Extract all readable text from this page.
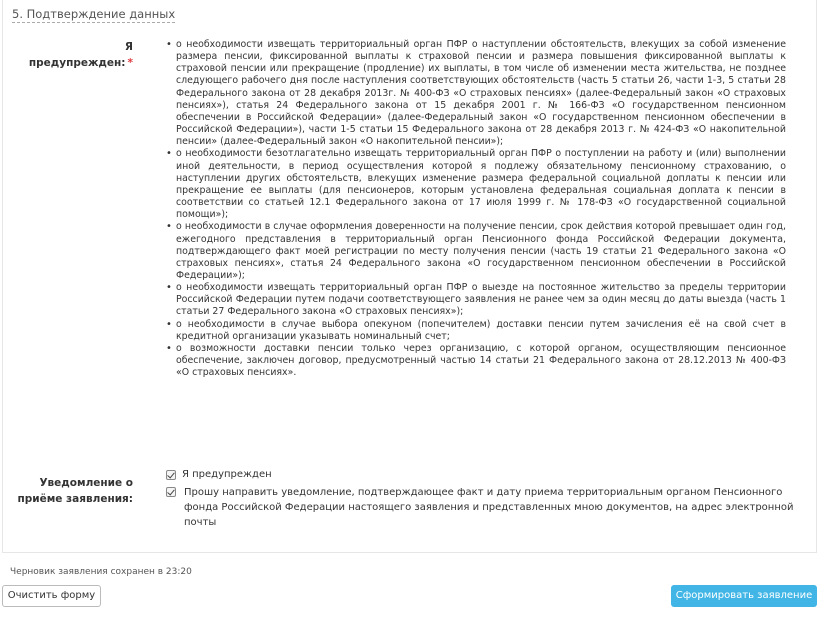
5. Подтверждение данных
Я предупрежден: *
• о необходимости извещать территориальный орган ПФР о наступлении обстоятельств, влекущих за собой изменение размера пенсии, фиксированной выплаты к страховой пенсии и размера повышения фиксированной выплаты к страховой пенсии или прекращение (продление) их выплаты, в том числе об изменении места жительства, не позднее следующего рабочего дня после наступления соответствующих обстоятельств (часть 5 статьи 26, части 1-3, 5 статьи 28 Федерального закона от 28 декабря 2013г. № 400-ФЗ «О страховых пенсиях» (далее-Федеральный закон «О страховых пенсиях»), статья 24 Федерального закона от 15 декабря 2001 г. № 166-ФЗ «О государственном пенсионном обеспечении в Российской Федерации» (далее-Федеральный закон «О государственном пенсионном обеспечении в Российской Федерации»), части 1-5 статьи 15 Федерального закона от 28 декабря 2013 г. № 424-ФЗ «О накопительной пенсии» (далее-Федеральный закон «О накопительной пенсии»);
• о необходимости безотлагательно извещать территориальный орган ПФР о поступлении на работу и (или) выполнении иной деятельности, в период осуществления которой я подлежу обязательному пенсионному страхованию, о наступлении других обстоятельств, влекущих изменение размера федеральной социальной доплаты к пенсии или прекращение ее выплаты (для пенсионеров, которым установлена федеральная социальная доплата к пенсии в соответствии со статьей 12.1 Федерального закона от 17 июля 1999 г. № 178-ФЗ «О государственной социальной помощи»);
• о необходимости в случае оформления доверенности на получение пенсии, срок действия которой превышает один год, ежегодного представления в территориальный орган Пенсионного фонда Российской Федерации документа, подтверждающего факт моей регистрации по месту получения пенсии (часть 19 статьи 21 Федерального закона «О страховых пенсиях», статья 24 Федерального закона «О государственном пенсионном обеспечении в Российской Федерации»);
• о необходимости извещать территориальный орган ПФР о выезде на постоянное жительство за пределы территории Российской Федерации путем подачи соответствующего заявления не ранее чем за один месяц до даты выезда (часть 1 статьи 27 Федерального закона «О страховых пенсиях»);
• о необходимости в случае выбора опекуном (попечителем) доставки пенсии путем зачисления её на свой счет в кредитной организации указывать номинальный счет;
• о возможности доставки пенсии только через организацию, с которой органом, осуществляющим пенсионное обеспечение, заключен договор, предусмотренный частью 14 статьи 21 Федерального закона от 28.12.2013 № 400-ФЗ «О страховых пенсиях».
Я предупрежден
Уведомление о приёме заявления:
Прошу направить уведомление, подтверждающее факт и дату приема территориальным органом Пенсионного фонда Российской Федерации настоящего заявления и представленных мною документов, на адрес электронной почты
Черновик заявления сохранен в 23:20
Очистить форму	Сформировать заявление
